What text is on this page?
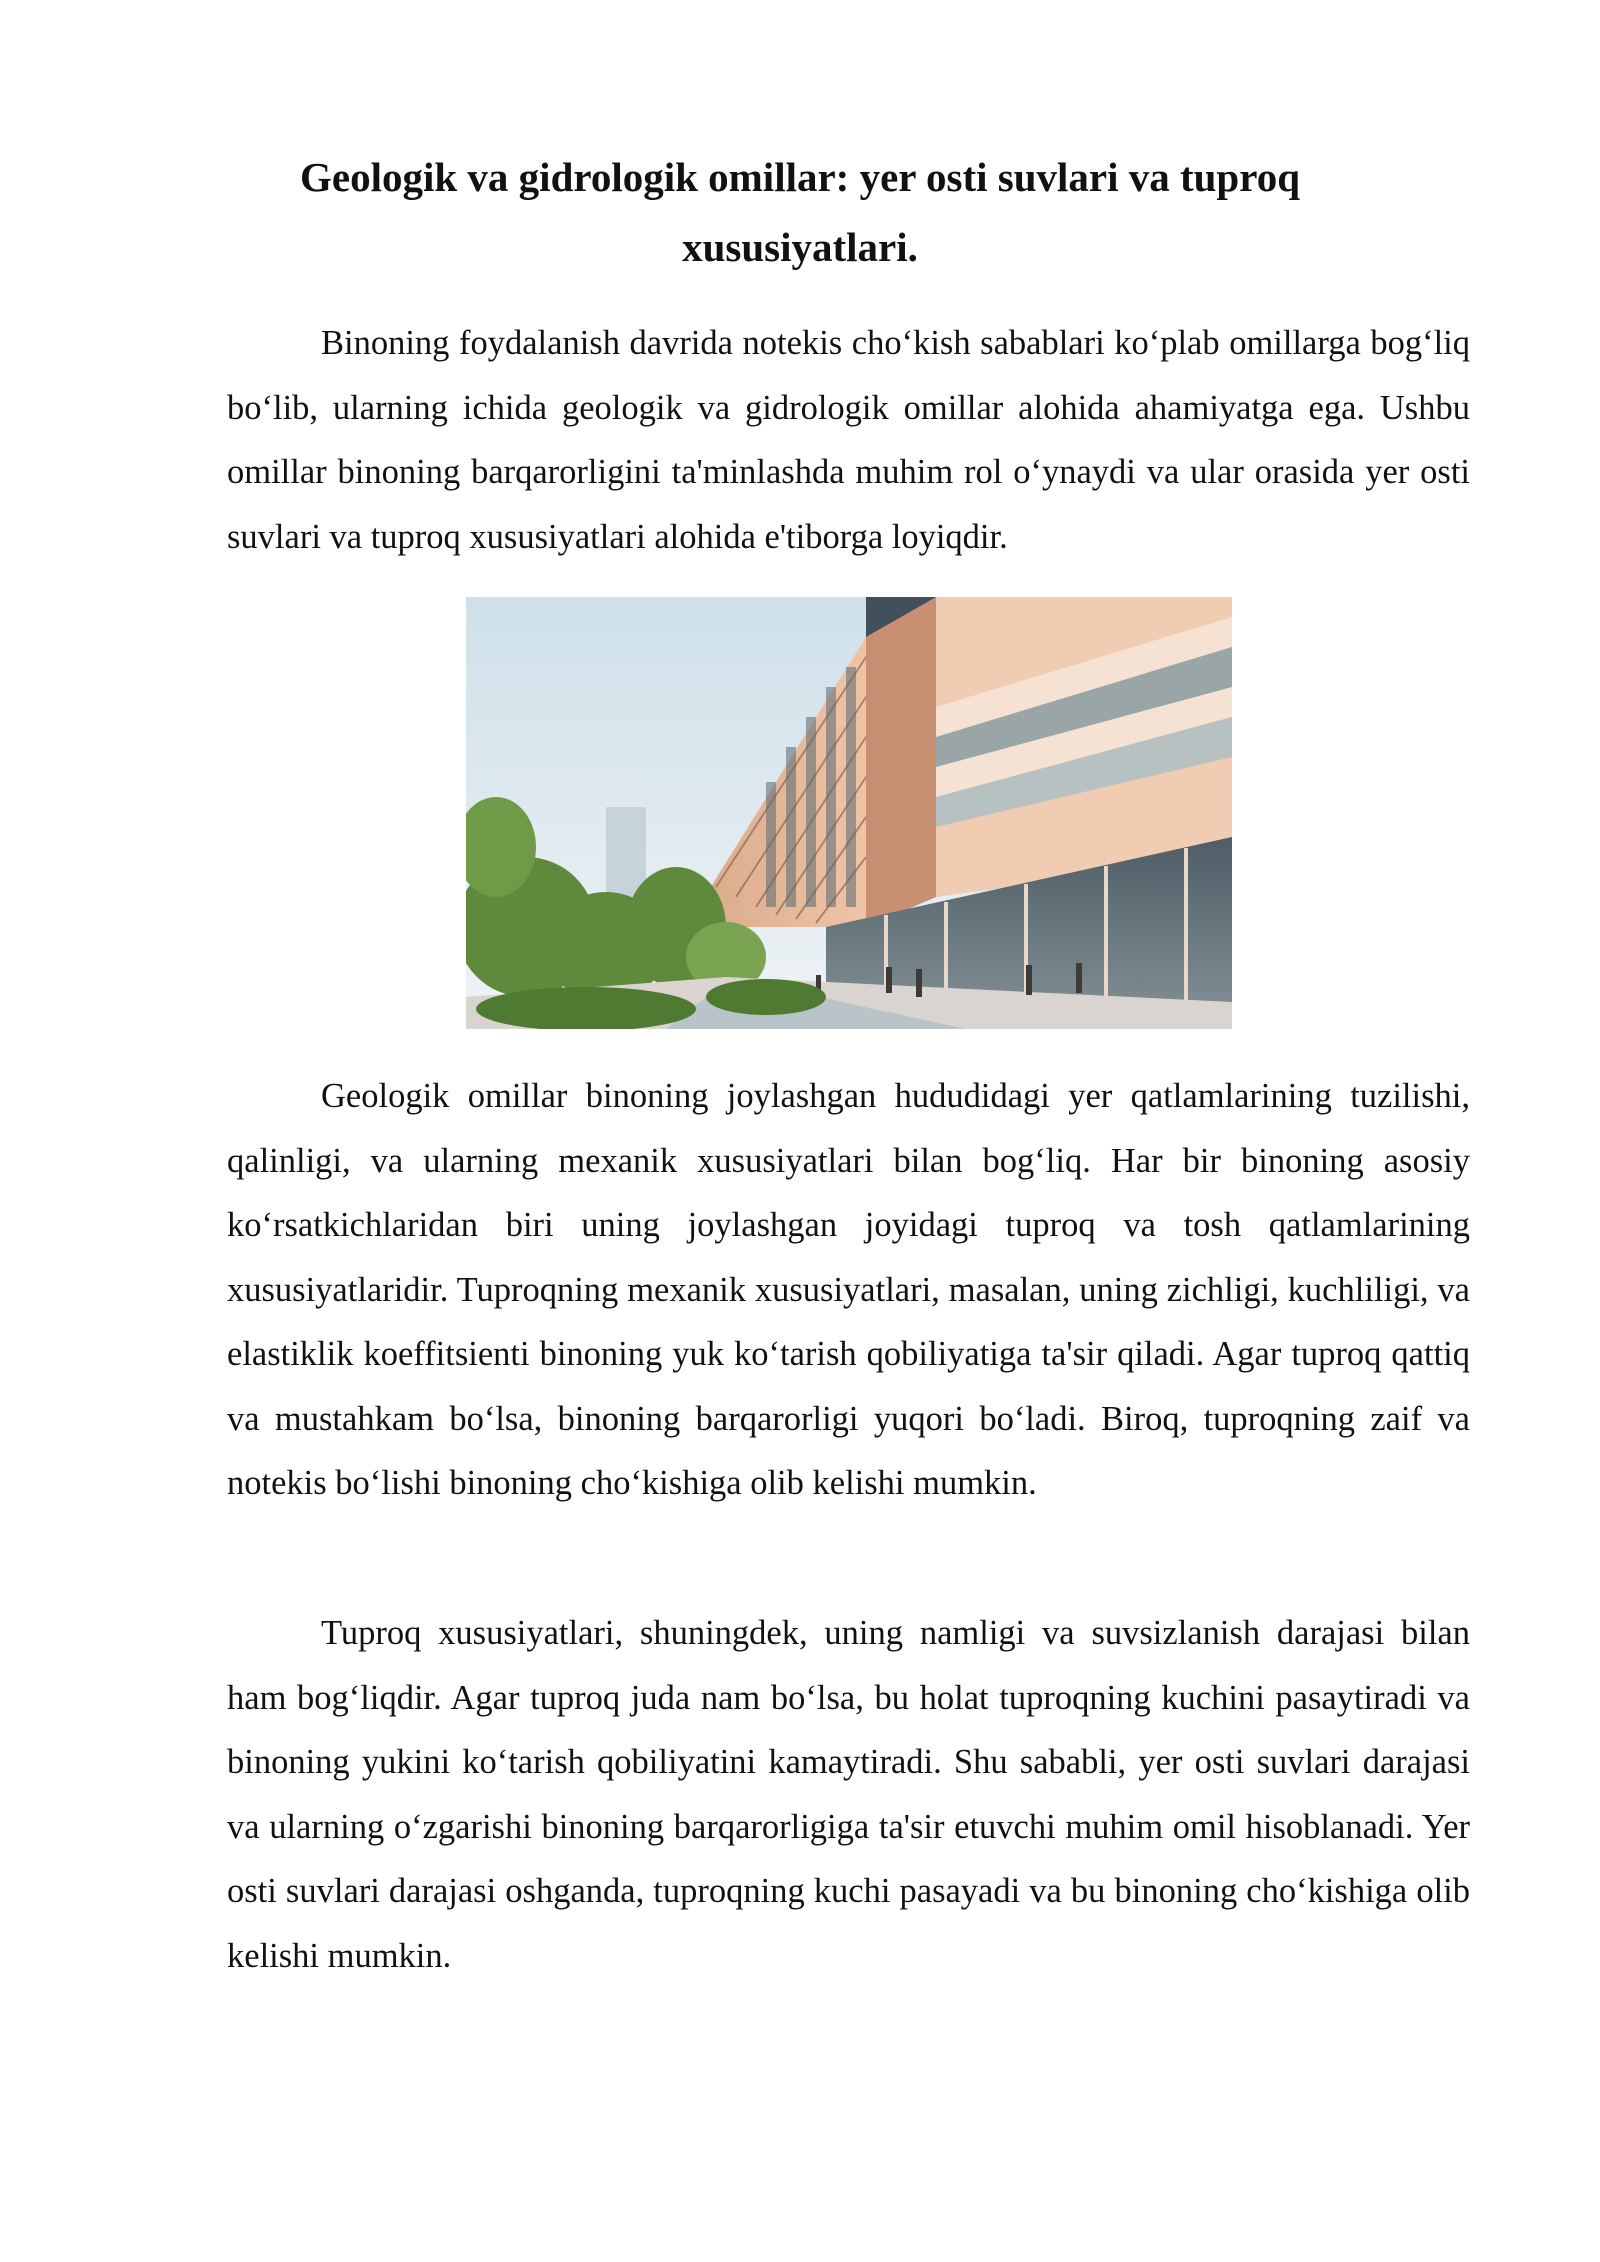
Geologik va gidrologik omillar: yer osti suvlari va tuproq xususiyatlari.

Binoning foydalanish davrida notekis cho‘kish sabablari ko‘plab omillarga bog‘liq bo‘lib, ularning ichida geologik va gidrologik omillar alohida ahamiyatga ega. Ushbu omillar binoning barqarorligini ta'minlashda muhim rol o‘ynaydi va ular orasida yer osti suvlari va tuproq xususiyatlari alohida e'tiborga loyiqdir.

Geologik omillar binoning joylashgan hududidagi yer qatlamlarining tuzilishi, qalinligi, va ularning mexanik xususiyatlari bilan bog‘liq. Har bir binoning asosiy ko‘rsatkichlaridan biri uning joylashgan joyidagi tuproq va tosh qatlamlarining xususiyatlaridir. Tuproqning mexanik xususiyatlari, masalan, uning zichligi, kuchliligi, va elastiklik koeffitsienti binoning yuk ko‘tarish qobiliyatiga ta'sir qiladi. Agar tuproq qattiq va mustahkam bo‘lsa, binoning barqarorligi yuqori bo‘ladi. Biroq, tuproqning zaif va notekis bo‘lishi binoning cho‘kishiga olib kelishi mumkin.

Tuproq xususiyatlari, shuningdek, uning namligi va suvsizlanish darajasi bilan ham bog‘liqdir. Agar tuproq juda nam bo‘lsa, bu holat tuproqning kuchini pasaytiradi va binoning yukini ko‘tarish qobiliyatini kamaytiradi. Shu sababli, yer osti suvlari darajasi va ularning o‘zgarishi binoning barqarorligiga ta'sir etuvchi muhim omil hisoblanadi. Yer osti suvlari darajasi oshganda, tuproqning kuchi pasayadi va bu binoning cho‘kishiga olib kelishi mumkin.
